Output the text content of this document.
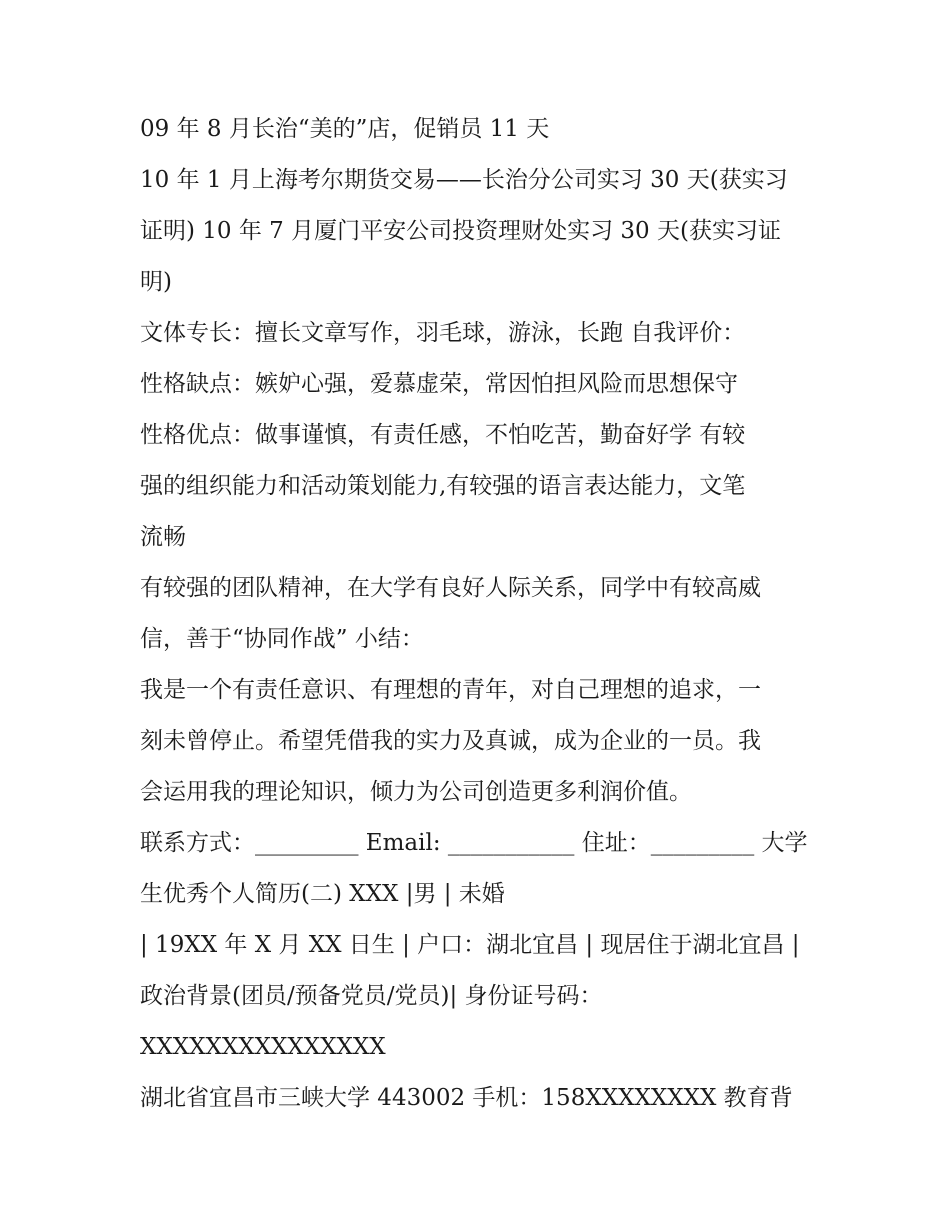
09 年 8 月长治“美的”店，促销员 11 天
10 年 1 月上海考尔期货交易——长治分公司实习 30 天(获实习
证明) 10 年 7 月厦门平安公司投资理财处实习 30 天(获实习证
明)
文体专长：擅长文章写作，羽毛球，游泳，长跑 自我评价：
性格缺点：嫉妒心强，爱慕虚荣，常因怕担风险而思想保守
性格优点：做事谨慎，有责任感，不怕吃苦，勤奋好学 有较
强的组织能力和活动策划能力,有较强的语言表达能力，文笔
流畅
有较强的团队精神，在大学有良好人际关系，同学中有较高威
信，善于“协同作战” 小结：
我是一个有责任意识、有理想的青年，对自己理想的追求，一
刻未曾停止。希望凭借我的实力及真诚，成为企业的一员。我
会运用我的理论知识，倾力为公司创造更多利润价值。
联系方式：_________ Email: ___________ 住址：_________ 大学
生优秀个人简历(二) XXX |男 | 未婚
| 19XX 年 X 月 XX 日生 | 户口：湖北宜昌 | 现居住于湖北宜昌 |
政治背景(团员/预备党员/党员)| 身份证号码：
XXXXXXXXXXXXXXX
湖北省宜昌市三峡大学 443002 手机：158XXXXXXXX 教育背
